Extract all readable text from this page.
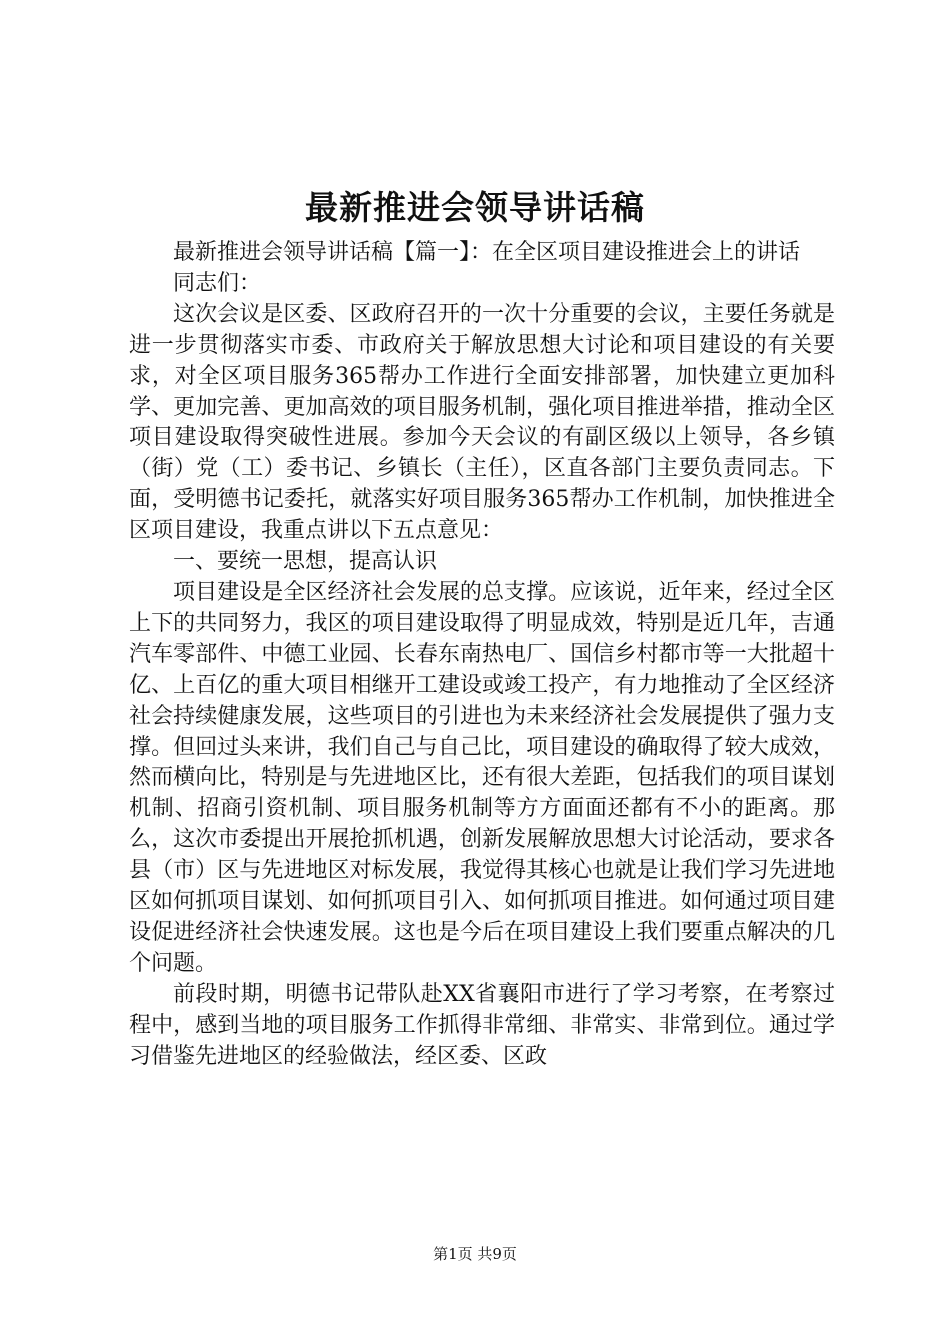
最新推进会领导讲话稿

最新推进会领导讲话稿【篇一】：在全区项目建设推进会上的讲话

同志们：

这次会议是区委、区政府召开的一次十分重要的会议，主要任务就是进一步贯彻落实市委、市政府关于解放思想大讨论和项目建设的有关要求，对全区项目服务365帮办工作进行全面安排部署，加快建立更加科学、更加完善、更加高效的项目服务机制，强化项目推进举措，推动全区项目建设取得突破性进展。参加今天会议的有副区级以上领导，各乡镇（街）党（工）委书记、乡镇长（主任），区直各部门主要负责同志。下面，受明德书记委托，就落实好项目服务365帮办工作机制，加快推进全区项目建设，我重点讲以下五点意见：

一、要统一思想，提高认识

项目建设是全区经济社会发展的总支撑。应该说，近年来，经过全区上下的共同努力，我区的项目建设取得了明显成效，特别是近几年，吉通汽车零部件、中德工业园、长春东南热电厂、国信乡村都市等一大批超十亿、上百亿的重大项目相继开工建设或竣工投产，有力地推动了全区经济社会持续健康发展，这些项目的引进也为未来经济社会发展提供了强力支撑。但回过头来讲，我们自己与自己比，项目建设的确取得了较大成效，然而横向比，特别是与先进地区比，还有很大差距，包括我们的项目谋划机制、招商引资机制、项目服务机制等方方面面还都有不小的距离。那么，这次市委提出开展抢抓机遇，创新发展解放思想大讨论活动，要求各县（市）区与先进地区对标发展，我觉得其核心也就是让我们学习先进地区如何抓项目谋划、如何抓项目引入、如何抓项目推进。如何通过项目建设促进经济社会快速发展。这也是今后在项目建设上我们要重点解决的几个问题。

前段时期，明德书记带队赴XX省襄阳市进行了学习考察，在考察过程中，感到当地的项目服务工作抓得非常细、非常实、非常到位。通过学习借鉴先进地区的经验做法，经区委、区政

第1页 共9页
